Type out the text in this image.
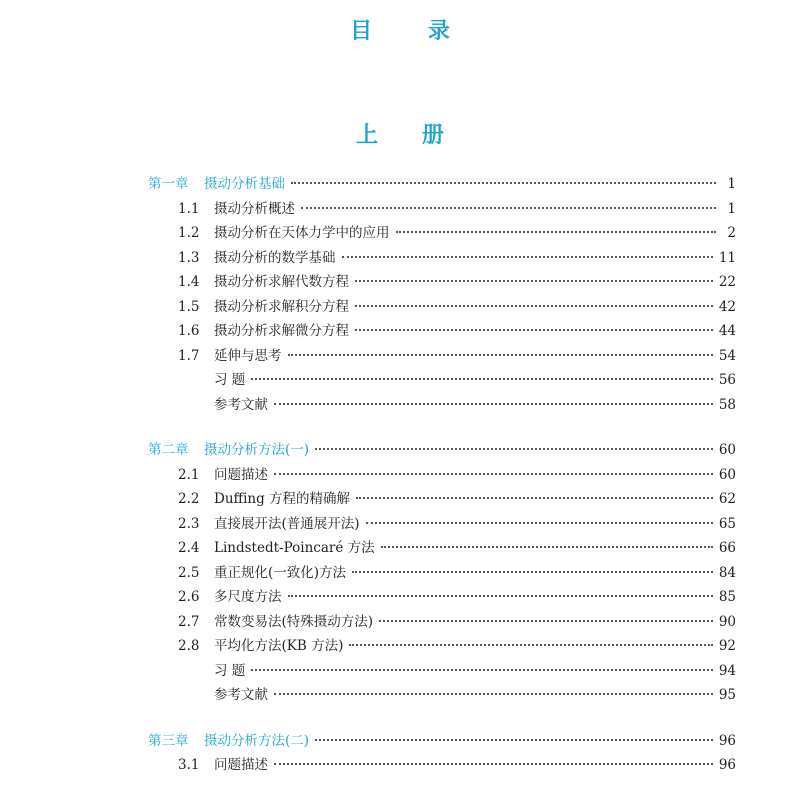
目 录
上 册
第一章	摄动分析基础	1
1.1	摄动分析概述	1
1.2	摄动分析在天体力学中的应用	2
1.3	摄动分析的数学基础	11
1.4	摄动分析求解代数方程	22
1.5	摄动分析求解积分方程	42
1.6	摄动分析求解微分方程	44
1.7	延伸与思考	54
习 题	56
参考文献	58
第二章	摄动分析方法(一)	60
2.1	问题描述	60
2.2	Duffing 方程的精确解	62
2.3	直接展开法(普通展开法)	65
2.4	Lindstedt-Poincaré 方法	66
2.5	重正规化(一致化)方法	84
2.6	多尺度方法	85
2.7	常数变易法(特殊摄动方法)	90
2.8	平均化方法(KB 方法)	92
习 题	94
参考文献	95
第三章	摄动分析方法(二)	96
3.1	问题描述	96
